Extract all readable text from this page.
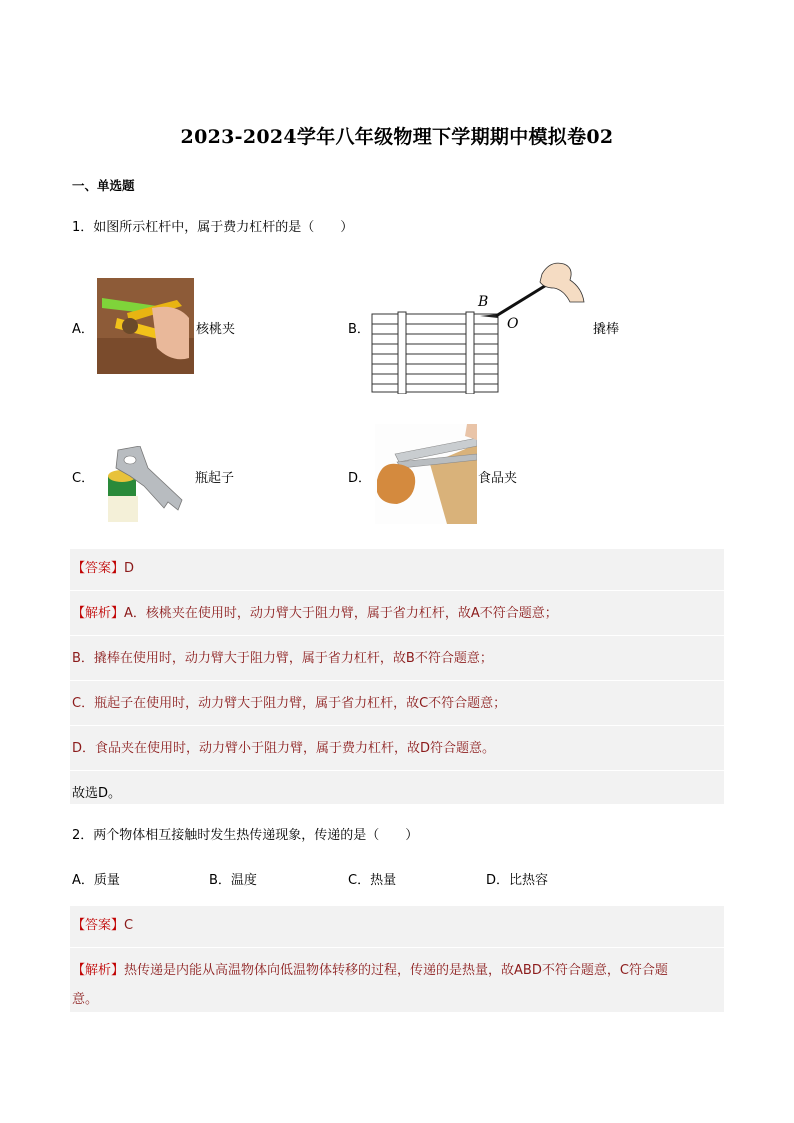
2023-2024学年八年级物理下学期期中模拟卷02
一、单选题
1．如图所示杠杆中，属于费力杠杆的是（　　）
A．	核桃夹	B．
B
O	撬棒
C．	瓶起子	D．	食品夹
【答案】D
【解析】A．核桃夹在使用时，动力臂大于阻力臂，属于省力杠杆，故A不符合题意；
B．撬棒在使用时，动力臂大于阻力臂，属于省力杠杆，故B不符合题意；
C．瓶起子在使用时，动力臂大于阻力臂，属于省力杠杆，故C不符合题意；
D．食品夹在使用时，动力臂小于阻力臂，属于费力杠杆，故D符合题意。
故选D。
2．两个物体相互接触时发生热传递现象，传递的是（　　）
A．质量	B．温度	C．热量	D．比热容
【答案】C
【解析】热传递是内能从高温物体向低温物体转移的过程，传递的是热量，故ABD不符合题意，C符合题
意。
